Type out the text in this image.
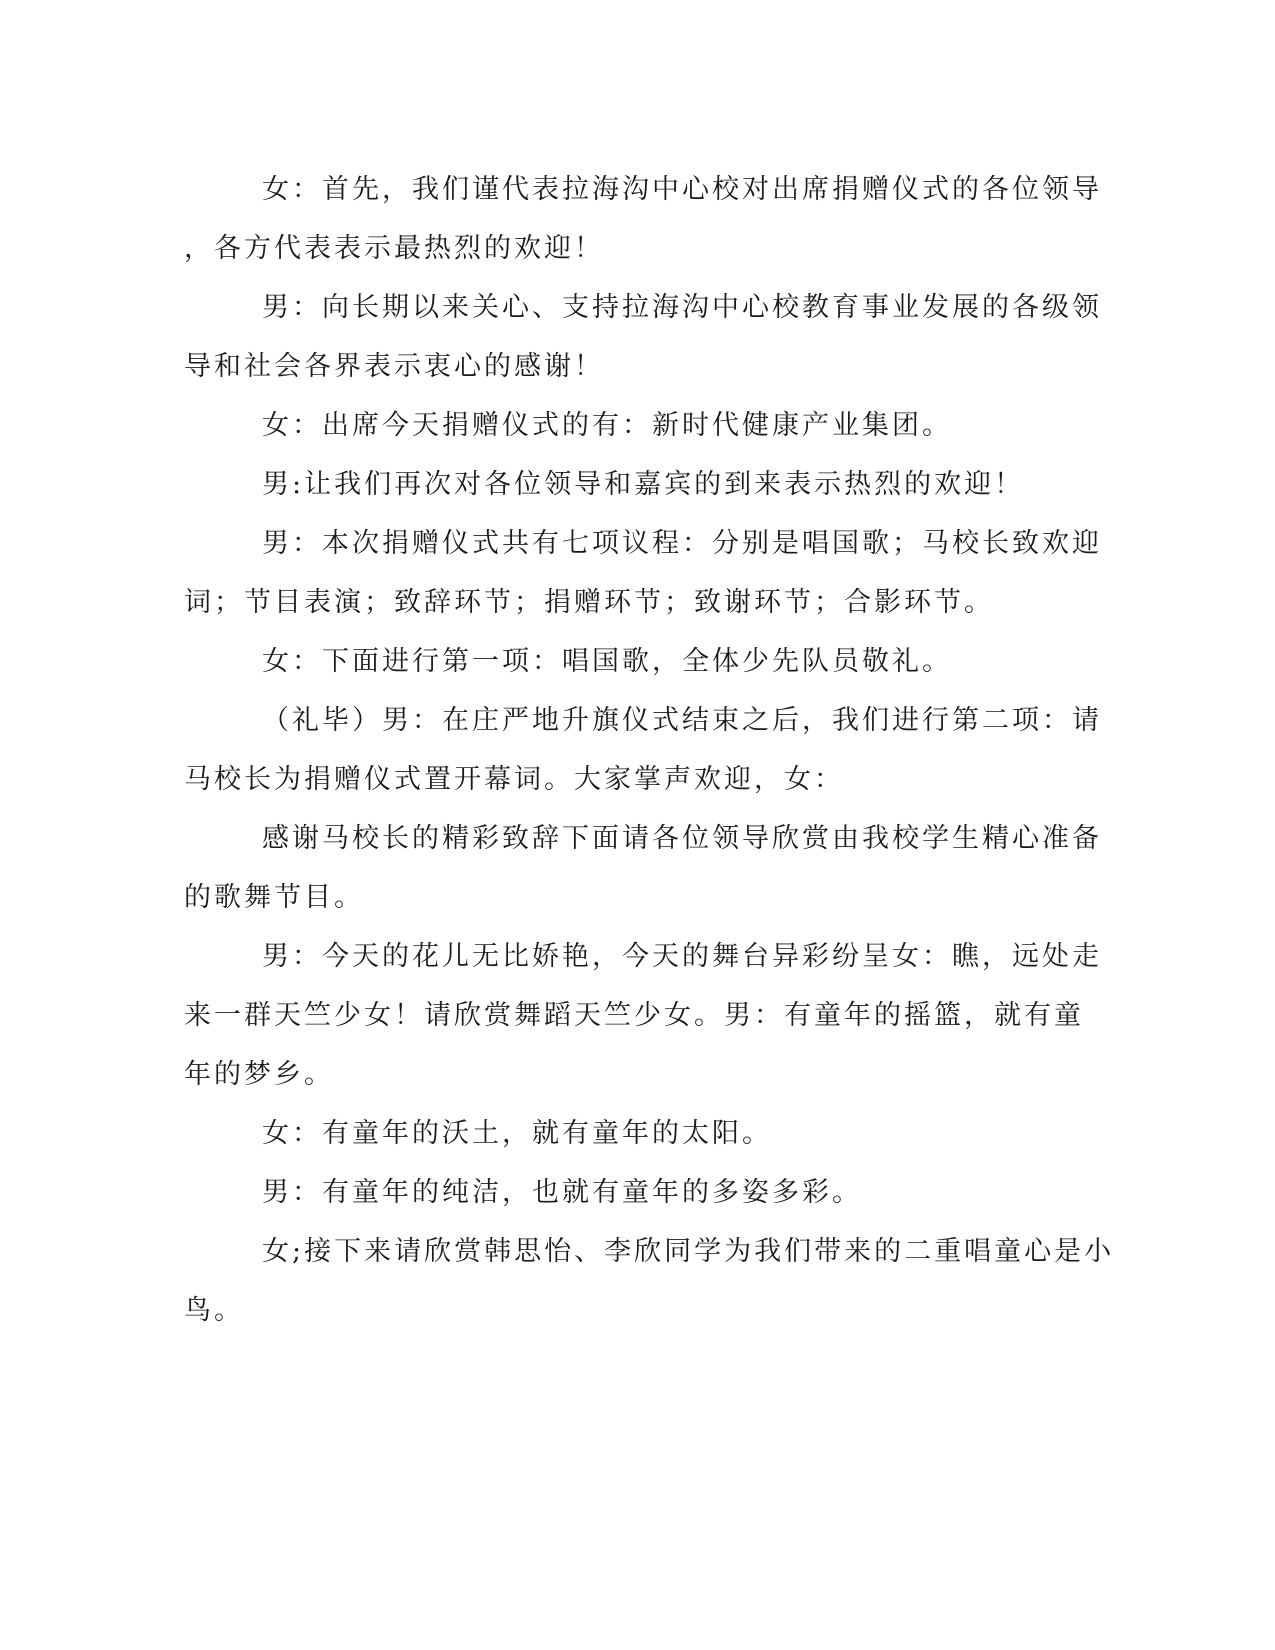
女：首先，我们谨代表拉海沟中心校对出席捐赠仪式的各位领导
，各方代表表示最热烈的欢迎！

男：向长期以来关心、支持拉海沟中心校教育事业发展的各级领
导和社会各界表示衷心的感谢！

女：出席今天捐赠仪式的有：新时代健康产业集团。

男:让我们再次对各位领导和嘉宾的到来表示热烈的欢迎！

男：本次捐赠仪式共有七项议程：分别是唱国歌；马校长致欢迎
词；节目表演；致辞环节；捐赠环节；致谢环节；合影环节。

女：下面进行第一项：唱国歌，全体少先队员敬礼。

（礼毕）男：在庄严地升旗仪式结束之后，我们进行第二项：请
马校长为捐赠仪式置开幕词。大家掌声欢迎，女：

感谢马校长的精彩致辞下面请各位领导欣赏由我校学生精心准备
的歌舞节目。

男：今天的花儿无比娇艳，今天的舞台异彩纷呈女：瞧，远处走
来一群天竺少女！请欣赏舞蹈天竺少女。男：有童年的摇篮，就有童
年的梦乡。

女：有童年的沃土，就有童年的太阳。

男：有童年的纯洁，也就有童年的多姿多彩。

女;接下来请欣赏韩思怡、李欣同学为我们带来的二重唱童心是小
鸟。
